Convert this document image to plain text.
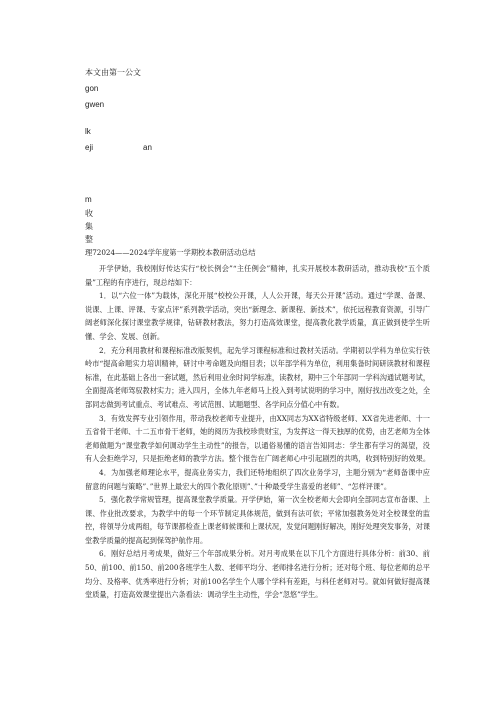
本文由第一公文
gon
gwen
lk
eji	an
m
收
集
整
理72024——2024学年度第一学期校本教研活动总结

开学伊始，我校刚好传达实行“校长例会”“主任例会”精神，扎实开展校本教研活动，推动我校“五个质量”工程的有序进行，现总结如下：

1．以“六位一体”为载体，深化开展“校校公开课，人人公开课，每天公开课”活动。通过“学课、备课、说课、上课、评课、专家点评”系列教学活动，突出“新理念、新课程、新技术”，依托远程教育资源，引导广阔老师深化探讨课堂教学规律，钻研教材教法，努力打造高效课堂，提高教化教学质量，真正做到使学生听懂、学会、发展、创新。

2．充分利用教材和课程标准改版契机，起先学习课程标准和过教材关活动。学期初以学科为单位实行铁岭市“提高命题实力培训精神，研讨中考命题及向细目表；以年部学科为单位，利用集备时间研读教材和课程标准，在此基础上各出一套试题，然后利用业余时间学标准，读教材，期中三个年部同一学科沟通试题考试，全面提高老师驾驭教材实力；进入四月，全体九年老师马上投入到考试说明的学习中，刚好找出改变之处，全部同志做到考试重点、考试难点、考试范围、试题题型、各学问点分值心中有数。

3．有效发挥专业引领作用，带动我校老师专业提升，由XX同志为XX省特级老师、XX省先进老师、十一五省骨干老师、十二五市骨干老师，她的阅历为我校珍贵财宝，为发挥这一得天独厚的优势，由艺老师为全体老师做题为“课堂教学如何调动学生主动性”的报告，以通俗易懂的语言告知同志：学生都有学习的渴望，没有人会拒绝学习，只是拒绝老师的教学方法。整个报告在广阔老师心中引起剧烈的共鸣，收到特别好的效果。

4．为加强老师理论水平，提高业务实力，我们还特地组织了四次业务学习，主题分别为“老师备课中应留意的问题与策略”、”世界上最宏大的四个教化原则”、”十种最受学生喜爱的老师”、“怎样评课”。

5．强化教学常规管理，提高课堂教学质量。开学伊始，第一次全校老师大会即向全部同志宣布备课、上课、作业批改要求，为教学中的每一个环节制定具体规范，做到有法可依；平常加强教务处对全校课堂的监控，将領导分成两组，每节课都检查上课老师候课和上课状况，发觉问题刚好解决，刚好处理突发事务，对课堂教学质量的提高起到保驾护航作用。

6．刚好总结月考成果，做好三个年部成果分析。对月考成果在以下几个方面进行具体分析：前30、前50、前100、前150、前200各班学生人数、老师平均分、老师排名进行分析；还对每个班、每位老师的总平均分、及格率、优秀率进行分析；对前100名学生个人哪个学科有差距，与科任老师对号。就如何做好提高课堂质量，打造高效课堂提出六条看法：调动学生主动性，学会“忽悠”学生。
